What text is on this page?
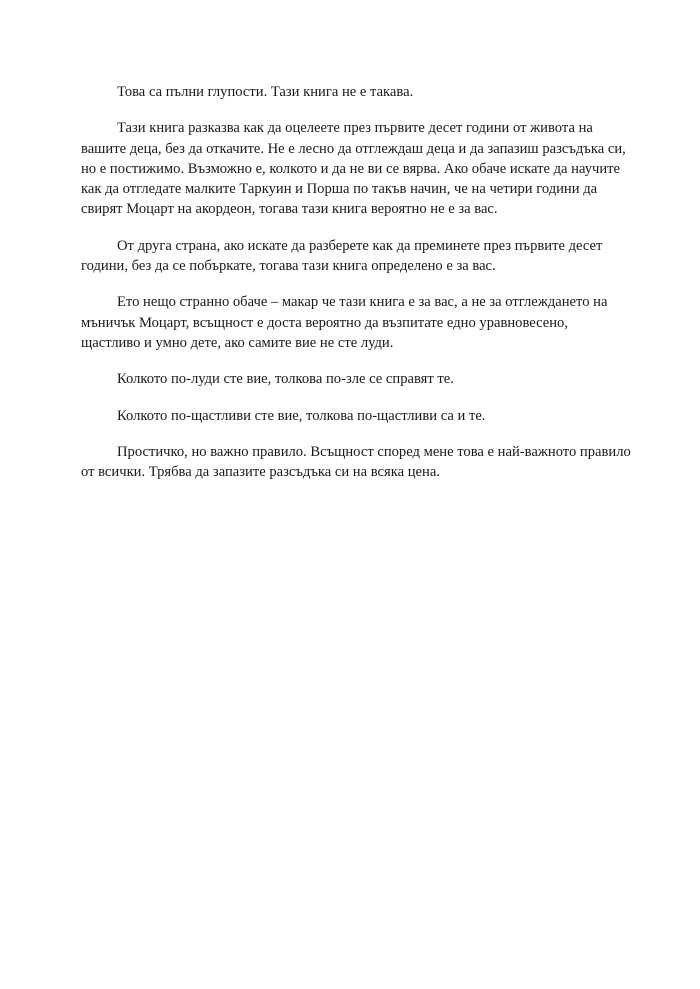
Това са пълни глупости. Тази книга не е такава.

Тази книга разказва как да оцелеете през първите десет години от живота на
вашите деца, без да откачите. Не е лесно да отглеждаш деца и да запазиш разсъдъка си,
но е постижимо. Възможно е, колкото и да не ви се вярва. Ако обаче искате да научите
как да отгледате малките Таркуин и Порша по такъв начин, че на четири години да
свирят Моцарт на акордеон, тогава тази книга вероятно не е за вас.

От друга страна, ако искате да разберете как да преминете през първите десет
години, без да се побъркате, тогава тази книга определено е за вас.

Ето нещо странно обаче – макар че тази книга е за вас, а не за отглеждането на
мъничък Моцарт, всъщност е доста вероятно да възпитате едно уравновесено,
щастливо и умно дете, ако самите вие не сте луди.

Колкото по-луди сте вие, толкова по-зле се справят те.

Колкото по-щастливи сте вие, толкова по-щастливи са и те.

Простичко, но важно правило. Всъщност според мене това е най-важното правило
от всички. Трябва да запазите разсъдъка си на всяка цена.
